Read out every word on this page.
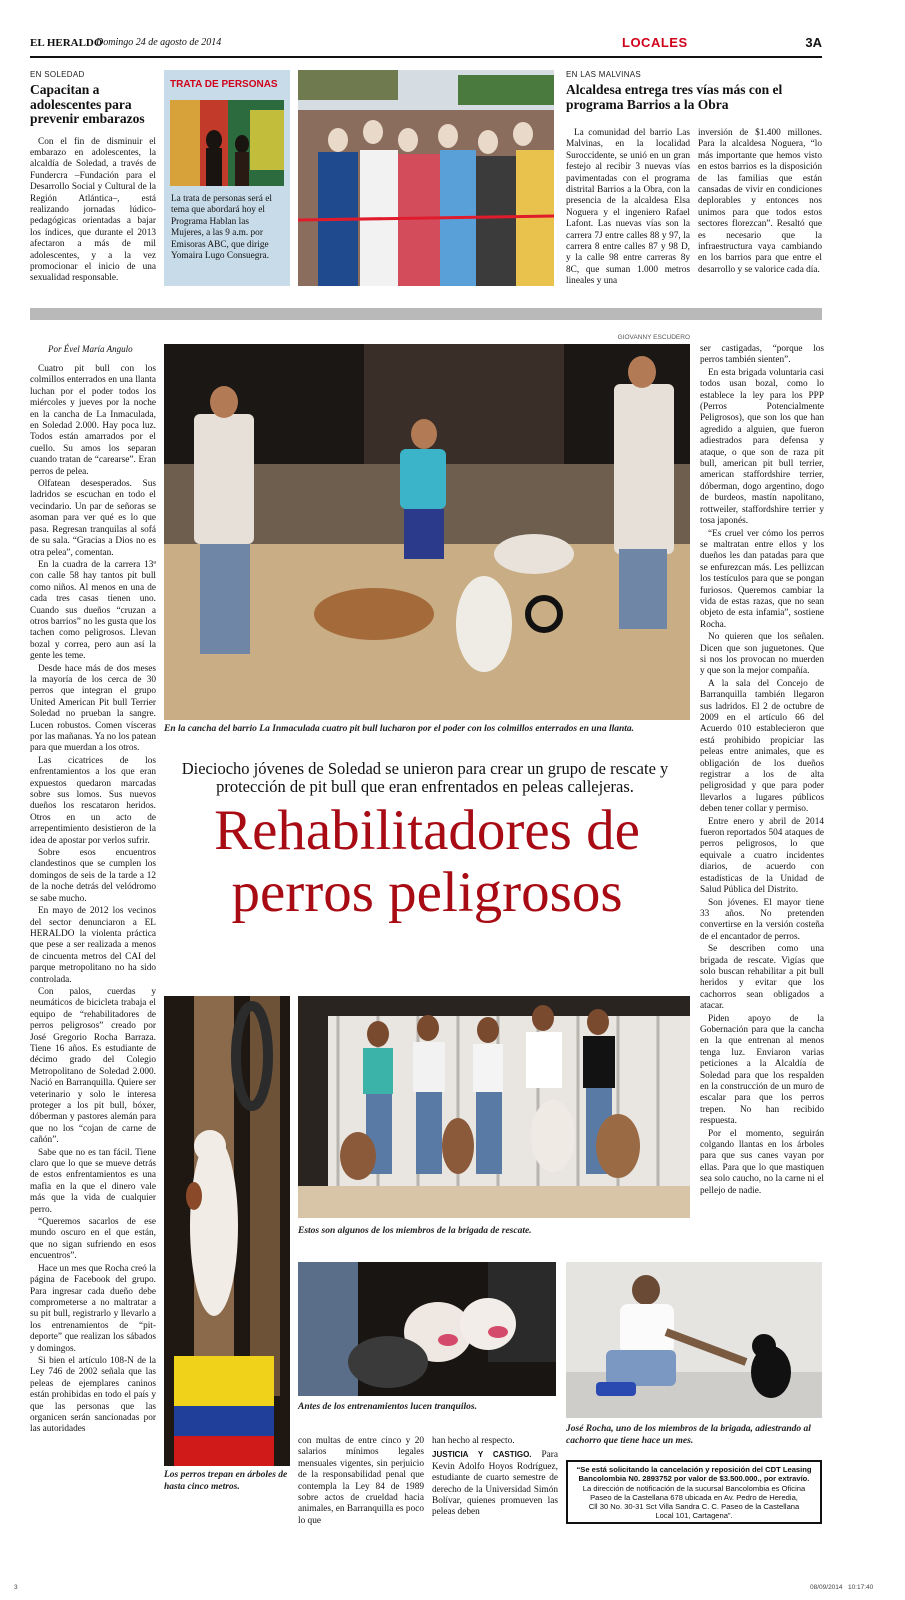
EL HERALDO
Domingo 24 de agosto de 2014	LOCALES	3A
EN SOLEDAD
Capacitan a adolescentes para prevenir embarazos
Con el fin de disminuir el embarazo en adolescentes, la alcaldía de Soledad, a través de Fundercra –Fundación para el Desarrollo Social y Cultural de la Región Atlántica–, está realizando jornadas lúdico-pedagógicas orientadas a bajar los índices, que durante el 2013 afectaron a más de mil adolescentes, y a la vez promocionar el inicio de una sexualidad responsable.
TRATA DE PERSONAS
La trata de personas será el tema que abordará hoy el Programa Hablan las Mujeres, a las 9 a.m. por Emisoras ABC, que dirige Yomaira Lugo Consuegra.
EN LAS MALVINAS
Alcaldesa entrega tres vías más con el programa Barrios a la Obra
La comunidad del barrio Las Malvinas, en la localidad Suroccidente, se unió en un gran festejo al recibir 3 nuevas vías pavimentadas con el programa distrital Barrios a la Obra, con la presencia de la alcaldesa Elsa Noguera y el ingeniero Rafael Lafont. Las nuevas vías son la carrera 7J entre calles 88 y 97, la carrera 8 entre calles 87 y 98 D, y la calle 98 entre carreras 8y 8C, que suman 1.000 metros lineales y una
inversión de $1.400 millones. Para la alcaldesa Noguera, “lo más importante que hemos visto en estos barrios es la disposición de las familias que están cansadas de vivir en condiciones deplorables y entonces nos unimos para que todos estos sectores florezcan”. Resaltó que es necesario que la infraestructura vaya cambiando en los barrios para que entre el desarrollo y se valorice cada día.
Por Ével María Angulo

Cuatro pit bull con los colmillos enterrados en una llanta luchan por el poder todos los miércoles y jueves por la noche en la cancha de La Inmaculada, en Soledad 2.000. Hay poca luz. Todos están amarrados por el cuello. Su amos los separan cuando tratan de “carearse”. Eran perros de pelea.

Olfatean desesperados. Sus ladridos se escuchan en todo el vecindario. Un par de señoras se asoman para ver qué es lo que pasa. Regresan tranquilas al sofá de su sala. “Gracias a Dios no es otra pelea”, comentan.

En la cuadra de la carrera 13ª con calle 58 hay tantos pit bull como niños. Al menos en una de cada tres casas tienen uno. Cuando sus dueños “cruzan a otros barrios” no les gusta que los tachen como peligrosos. Llevan bozal y correa, pero aun así la gente les teme.

Desde hace más de dos meses la mayoría de los cerca de 30 perros que integran el grupo United American Pit bull Terrier Soledad no prueban la sangre. Lucen robustos. Comen vísceras por las mañanas. Ya no los patean para que muerdan a los otros.

Las cicatrices de los enfrentamientos a los que eran expuestos quedaron marcadas sobre sus lomos. Sus nuevos dueños los rescataron heridos. Otros en un acto de arrepentimiento desistieron de la idea de apostar por verlos sufrir.

Sobre esos encuentros clandestinos que se cumplen los domingos de seis de la tarde a 12 de la noche detrás del velódromo se sabe mucho.

En mayo de 2012 los vecinos del sector denunciaron a EL HERALDO la violenta práctica que pese a ser realizada a menos de cincuenta metros del CAI del parque metropolitano no ha sido controlada.

Con palos, cuerdas y neumáticos de bicicleta trabaja el equipo de “rehabilitadores de perros peligrosos” creado por José Gregorio Rocha Barraza. Tiene 16 años. Es estudiante de décimo grado del Colegio Metropolitano de Soledad 2.000. Nació en Barranquilla. Quiere ser veterinario y solo le interesa proteger a los pit bull, bóxer, dóberman y pastores alemán para que no los “cojan de carne de cañón”.

Sabe que no es tan fácil. Tiene claro que lo que se mueve detrás de estos enfrentamientos es una mafia en la que el dinero vale más que la vida de cualquier perro.

“Queremos sacarlos de ese mundo oscuro en el que están, que no sigan sufriendo en esos encuentros”.

Hace un mes que Rocha creó la página de Facebook del grupo. Para ingresar cada dueño debe comprometerse a no maltratar a su pit bull, registrarlo y llevarlo a los entrenamientos de “pit-deporte” que realizan los sábados y domingos.

Si bien el artículo 108-N de la Ley 746 de 2002 señala que las peleas de ejemplares caninos están prohibidas en todo el país y que las personas que las organicen serán sancionadas por las autoridades

GIOVANNY ESCUDERO
En la cancha del barrio La Inmaculada cuatro pit bull lucharon por el poder con los colmillos enterrados en una llanta.
Dieciocho jóvenes de Soledad se unieron para crear un grupo de rescate y protección de pit bull que eran enfrentados en peleas callejeras.
Rehabilitadores de
perros peligrosos

ser castigadas, “porque los perros también sienten”.

En esta brigada voluntaria casi todos usan bozal, como lo establece la ley para los PPP (Perros Potencialmente Peligrosos), que son los que han agredido a alguien, que fueron adiestrados para defensa y ataque, o que son de raza pit bull, american pit bull terrier, american staffordshire terrier, dóberman, dogo argentino, dogo de burdeos, mastín napolitano, rottweiler, staffordshire terrier y tosa japonés.

“Es cruel ver cómo los perros se maltratan entre ellos y los dueños les dan patadas para que se enfurezcan más. Les pellizcan los testículos para que se pongan furiosos. Queremos cambiar la vida de estas razas, que no sean objeto de esta infamia”, sostiene Rocha.

No quieren que los señalen. Dicen que son juguetones. Que si nos los provocan no muerden y que son la mejor compañía.

A la sala del Concejo de Barranquilla también llegaron sus ladridos. El 2 de octubre de 2009 en el artículo 66 del Acuerdo 010 establecieron que está prohibido propiciar las peleas entre animales, que es obligación de los dueños registrar a los de alta peligrosidad y que para poder llevarlos a lugares públicos deben tener collar y permiso.

Entre enero y abril de 2014 fueron reportados 504 ataques de perros peligrosos, lo que equivale a cuatro incidentes diarios, de acuerdo con estadísticas de la Unidad de Salud Pública del Distrito.

Son jóvenes. El mayor tiene 33 años. No pretenden convertirse en la versión costeña de el encantador de perros.

Se describen como una brigada de rescate. Vigías que solo buscan rehabilitar a pit bull heridos y evitar que los cachorros sean obligados a atacar.

Piden apoyo de la Gobernación para que la cancha en la que entrenan al menos tenga luz. Enviaron varias peticiones a la Alcaldía de Soledad para que los respalden en la construcción de un muro de escalar para que los perros trepen. No han recibido respuesta.

Por el momento, seguirán colgando llantas en los árboles para que sus canes vayan por ellas. Para que lo que mastiquen sea solo caucho, no la carne ni el pellejo de nadie.

Los perros trepan en árboles de hasta cinco metros.
Estos son algunos de los miembros de la brigada de rescate.
Antes de los entrenamientos lucen tranquilos.
José Rocha, uno de los miembros de la brigada, adiestrando al cachorro que tiene hace un mes.
con multas de entre cinco y 20 salarios mínimos legales mensuales vigentes, sin perjuicio de la responsabilidad penal que contempla la Ley 84 de 1989 sobre actos de crueldad hacia animales, en Barranquilla es poco lo que
han hecho al respecto.
JUSTICIA Y CASTIGO. Para Kevin Adolfo Hoyos Rodríguez, estudiante de cuarto semestre de derecho de la Universidad Simón Bolívar, quienes promueven las peleas deben
“Se está solicitando la cancelación y reposición del CDT Leasing
Bancolombia N0. 2893752 por valor de $3.500.000., por extravío.
La dirección de notificación de la sucursal Bancolombia es Oficina
Paseo de la Castellana 678 ubicada en Av. Pedro de Heredia,
Cll 30 No. 30-31 Sct Villa Sandra C. C. Paseo de la Castellana
Local 101, Cartagena”.
3	08/09/2014   10:17:40
